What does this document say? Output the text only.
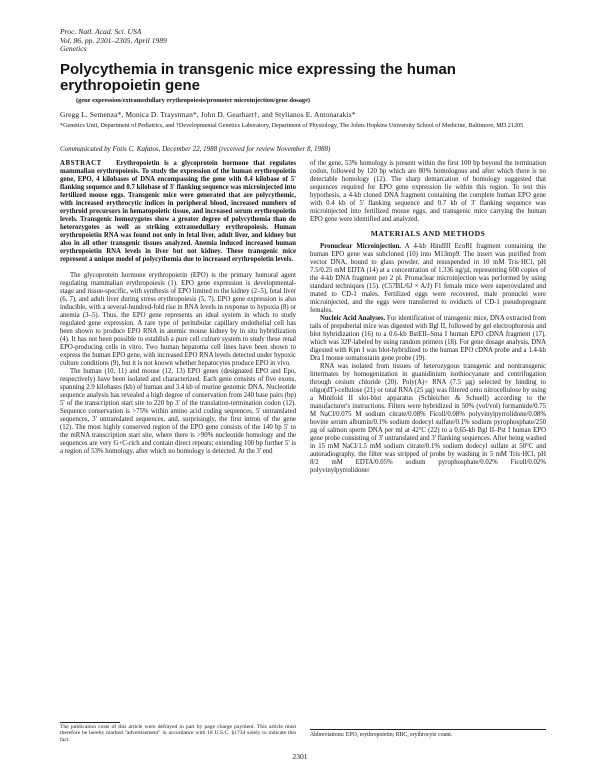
Proc. Natl. Acad. Sci. USA
Vol. 86, pp. 2301–2305, April 1989
Genetics
Polycythemia in transgenic mice expressing the human erythropoietin gene
(gene expression/extramedullary erythropoiesis/promoter microinjection/gene dosage)
Gregg L. Semenza*, Monica D. Traystman*, John D. Gearhart†, and Stylianos E. Antonarakis*
*Genetics Unit, Department of Pediatrics, and †Developmental Genetics Laboratory, Department of Physiology, The Johns Hopkins University School of Medicine, Baltimore, MD 21205
Communicated by Fotis C. Kafatos, December 22, 1988 (received for review November 8, 1988)
ABSTRACT Erythropoietin is a glycoprotein hormone that regulates mammalian erythropoiesis. To study the expression of the human erythropoietin gene, EPO, 4 kilobases of DNA encompassing the gene with 0.4 kilobase of 5' flanking sequence and 0.7 kilobase of 3' flanking sequence was microinjected into fertilized mouse eggs. Transgenic mice were generated that are polycythemic, with increased erythrocytic indices in peripheral blood, increased numbers of erythroid precursors in hematopoietic tissue, and increased serum erythropoietin levels. Transgenic homozygotes show a greater degree of polycythemia than do heterozygotes as well as striking extramedullary erythropoiesis. Human erythropoietin RNA was found not only in fetal liver, adult liver, and kidney but also in all other transgenic tissues analyzed. Anemia induced increased human erythropoietin RNA levels in liver but not kidney. These transgenic mice represent a unique model of polycythemia due to increased erythropoietin levels.

The glycoprotein hormone erythropoietin (EPO) is the primary humoral agent regulating mammalian erythropoiesis (1). EPO gene expression is developmental-stage and tissue-specific, with synthesis of EPO limited to the kidney (2–5), fetal liver (6, 7), and adult liver during stress erythropoiesis (5, 7). EPO gene expression is also inducible, with a several-hundred-fold rise in RNA levels in response to hypoxia (8) or anemia (3–5). Thus, the EPO gene represents an ideal system in which to study regulated gene expression. A rare type of peritubular capillary endothelial cell has been shown to produce EPO RNA in anemic mouse kidney by in situ hybridization (4). It has not been possible to establish a pure cell culture system to study these renal EPO-producing cells in vitro. Two human hepatoma cell lines have been shown to express the human EPO gene, with increased EPO RNA levels detected under hypoxic culture conditions (9), but it is not known whether hepatocytes produce EPO in vivo.

The human (10, 11) and mouse (12, 13) EPO genes (designated EPO and Epo, respectively) have been isolated and characterized. Each gene consists of five exons, spanning 2.9 kilobases (kb) of human and 3.4 kb of murine genomic DNA. Nucleotide sequence analysis has revealed a high degree of conservation from 240 base pairs (bp) 5' of the transcription start site to 220 bp 3' of the translation-termination codon (12). Sequence conservation is >75% within amino acid coding sequences, 5' untranslated sequences, 3' untranslated sequences, and, surprisingly, the first intron of the gene (12). The most highly conserved region of the EPO gene consists of the 140 bp 5' to the mRNA transcription start site, where there is >90% nucleotide homology and the sequences are very G+C-rich and contain direct repeats; extending 100 bp further 5' is a region of 53% homology, after which no homology is detected. At the 3' end

of the gene, 53% homology is present within the first 100 bp beyond the termination codon, followed by 120 bp which are 80% homologous and after which there is no detectable homology (12). The sharp demarcation of homology suggested that sequences required for EPO gene expression lie within this region. To test this hypothesis, a 4-kb cloned DNA fragment containing the complete human EPO gene with 0.4 kb of 5' flanking sequence and 0.7 kb of 3' flanking sequence was microinjected into fertilized mouse eggs, and transgenic mice carrying the human EPO gene were identified and analyzed.

MATERIALS AND METHODS

Pronuclear Microinjection. A 4-kb HindIII EcoRI fragment containing the human EPO gene was subcloned (10) into M13mp9. The insert was purified from vector DNA, bound to glass powder, and resuspended in 10 mM Tris·HCl, pH 7.5/0.25 mM EDTA (14) at a concentration of 1.336 ng/µl, representing 600 copies of the 4-kb DNA fragment per 2 pl. Pronuclear microinjection was performed by using standard techniques (15). (C57BL/6J × A/J) F1 female mice were superovulated and mated to CD-1 males. Fertilized eggs were recovered, male pronuclei were microinjected, and the eggs were transferred to oviducts of CD-1 pseudopregnant females.

Nucleic Acid Analyses. For identification of transgenic mice, DNA extracted from tails of prepubertal mice was digested with Bgl II, followed by gel electrophoresis and blot hybridization (16) to a 0.6-kb BstEII–Sma I human EPO cDNA fragment (17), which was 32P-labeled by using random primers (18). For gene dosage analysis, DNA digested with Kpn I was blot-hybridized to the human EPO cDNA probe and a 1.4-kb Dra I mouse somatostatin gene probe (19).

RNA was isolated from tissues of heterozygous transgenic and nontransgenic littermates by homogenization in guanidinium isothiocyanate and centrifugation through cesium chloride (20). Poly(A)+ RNA (7.5 µg) selected by binding to oligo(dT)-cellulose (21) or total RNA (25 µg) was filtered onto nitrocellulose by using a Minifold II slot-blot apparatus (Schleicher & Schuell) according to the manufacturer's instructions. Filters were hybridized in 50% (vol/vol) formamide/0.75 M NaCl/0.075 M sodium citrate/0.08% Ficoll/0.08% polyvinylpyrrolidone/0.08% bovine serum albumin/0.1% sodium dodecyl sulfate/0.1% sodium pyrophosphate/250 µg of salmon sperm DNA per ml at 42°C (22) to a 0.65-kb Bgl II–Pst I human EPO gene probe consisting of 3' untranslated and 3' flanking sequences. After being washed in 15 mM NaCl/1.5 mM sodium citrate/0.1% sodium dodecyl sulfate at 50°C and autoradiography, the filter was stripped of probe by washing in 5 mM Tris·HCl, pH 8/2 mM EDTA/0.05% sodium pyrophosphate/0.02% Ficoll/0.02% polyvinylpyrrolidone/

The publication costs of this article were defrayed in part by page charge payment. This article must therefore be hereby marked "advertisement" in accordance with 18 U.S.C. §1734 solely to indicate this fact.
Abbreviations: EPO, erythropoietin; RBC, erythrocyte count.
2301
